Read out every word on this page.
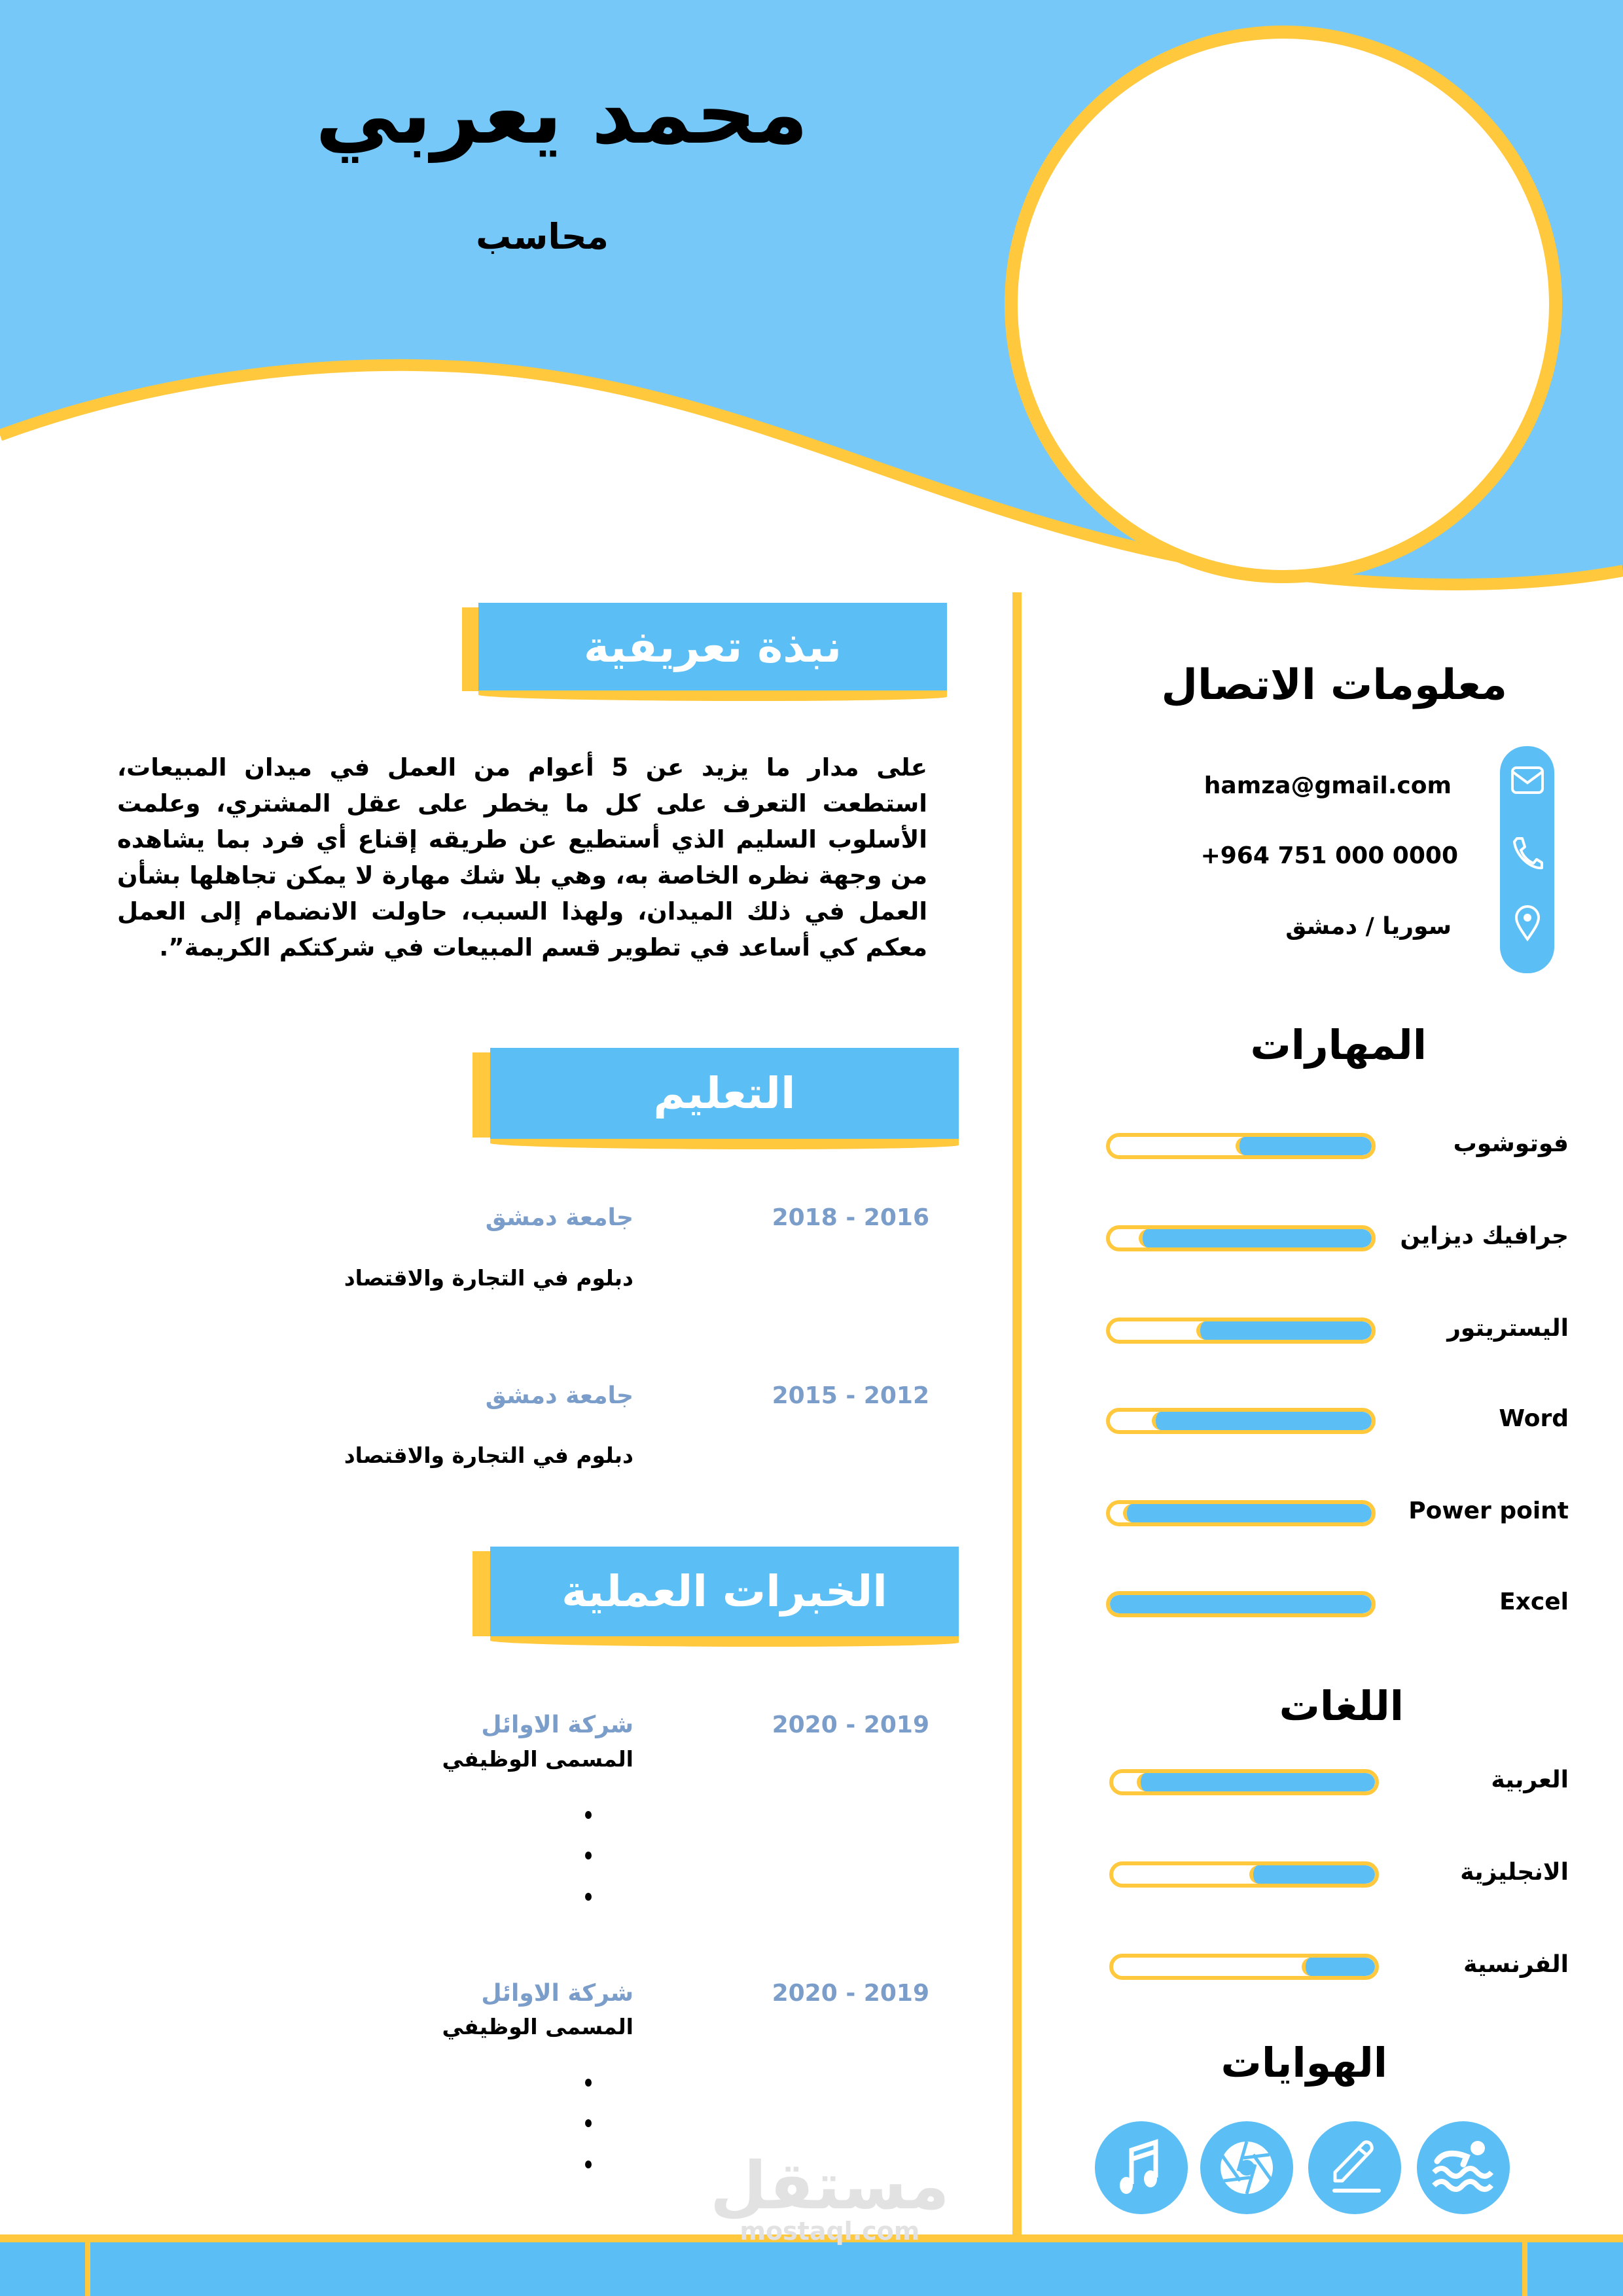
محمد يعربي
محاسب
نبذة تعريفية
على مدار ما يزيد عن 5 أعوام من العمل في ميدان المبيعات، استطعت التعرف على كل ما يخطر على عقل المشتري، وعلمت الأسلوب السليم الذي أستطيع عن طريقه إقناع أي فرد بما يشاهده من وجهة نظره الخاصة به، وهي بلا شك مهارة لا يمكن تجاهلها بشأن العمل في ذلك الميدان، ولهذا السبب، حاولت الانضمام إلى العمل معكم كي أساعد في تطوير قسم المبيعات في شركتكم الكريمة”.
التعليم
2016 - 2018
جامعة دمشق
دبلوم في التجارة والاقتصاد
2012 - 2015
جامعة دمشق
دبلوم في التجارة والاقتصاد
الخبرات العملية
2019 - 2020
شركة الاوائل
المسمى الوظيفي
2019 - 2020
شركة الاوائل
المسمى الوظيفي
مستقل
mostaql.com
معلومات الاتصال
hamza@gmail.com
+964 751 000 0000
سوريا / دمشق
المهارات
فوتوشوب
جرافيك ديزاين
اليستريتور
Word
Power point
Excel
اللغات
العربية
الانجليزية
الفرنسية
الهوايات
